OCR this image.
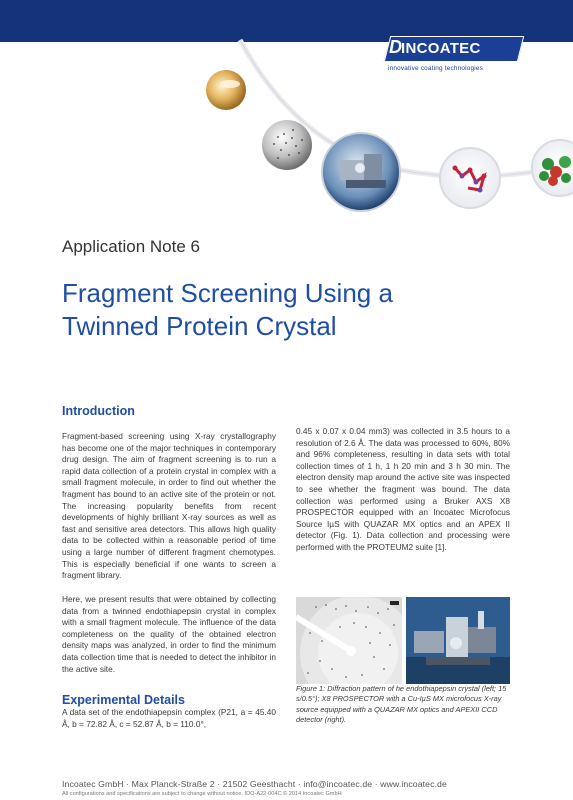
D INCOATEC
innovative coating technologies
Application Note 6
Fragment Screening Using a
Twinned Protein Crystal
Introduction

Fragment-based screening using X-ray crystallography has become one of the major techniques in contemporary drug design. The aim of fragment screening is to run a rapid data collection of a protein crystal in complex with a small fragment molecule, in order to find out whether the fragment has bound to an active site of the protein or not. The increasing popularity benefits from recent developments of highly brilliant X-ray sources as well as fast and sensitive area detectors. This allows high quality data to be collected within a reasonable period of time using a large number of different fragment chemotypes. This is especially beneficial if one wants to screen a fragment library.

Here, we present results that were obtained by collecting data from a twinned endothiapepsin crystal in complex with a small fragment molecule. The influence of the data completeness on the quality of the obtained electron density maps was analyzed, in order to find the minimum data collection time that is needed to detect the inhibitor in the active site.

Experimental Details

A data set of the endothiapepsin complex (P21, a = 45.40 Å, b = 72.82 Å, c = 52.87 Å, b = 110.0°,

0.45 x 0.07 x 0.04 mm3) was collected in 3.5 hours to a resolution of 2.6 Å. The data was processed to 60%, 80% and 96% completeness, resulting in data sets with total collection times of 1 h, 1 h 20 min and 3 h 30 min. The electron density map around the active site was inspected to see whether the fragment was bound. The data collection was performed using a Bruker AXS X8 PROSPECTOR equipped with an Incoatec Microfocus Source IµS with QUAZAR MX optics and an APEX II detector (Fig. 1). Data collection and processing were performed with the PROTEUM2 suite [1].

Figure 1: Diffraction pattern of he endothiapepsin crystal (left; 15 s/0.5°); X8 PROSPECTOR with a Cu-IµS MX microfocus X-ray source equipped with a QUAZAR MX optics and APEXII CCD detector (right).
Incoatec GmbH · Max Planck-Straße 2 · 21502 Geesthacht · info@incoatec.de · www.incoatec.de
All configurations and specifications are subject to change without notice. IDO-A22-004C © 2014 Incoatec GmbH
